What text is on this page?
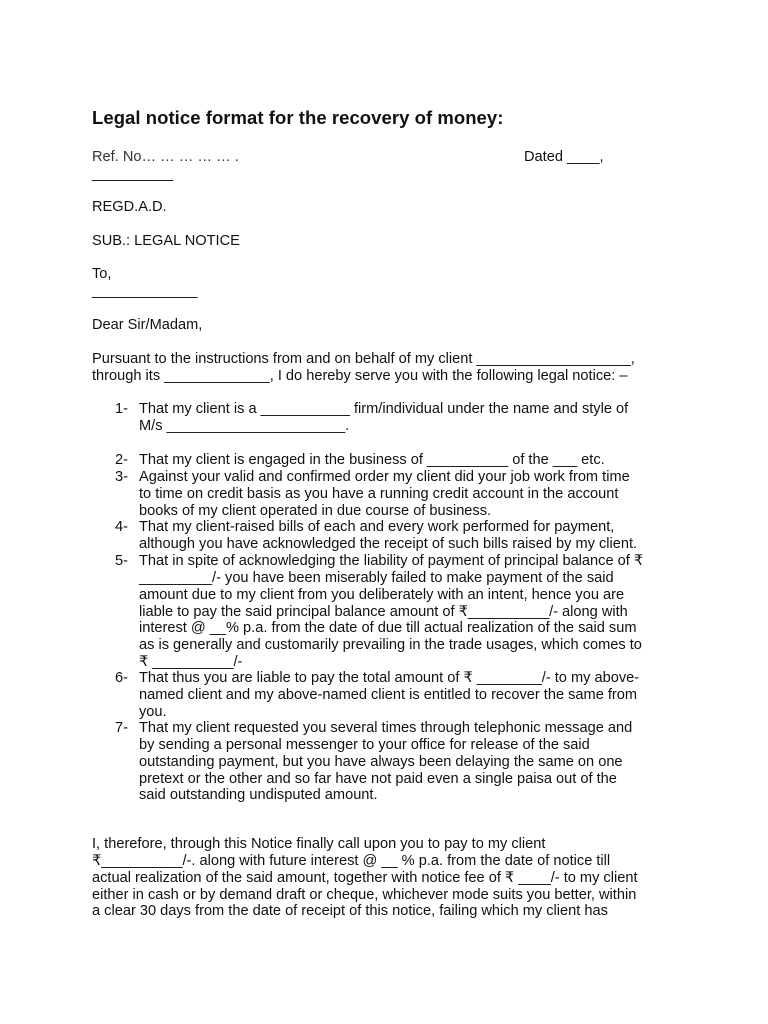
Legal notice format for the recovery of money:
Ref. No… … … … … .	Dated ____,
__________
REGD.A.D.
SUB.: LEGAL NOTICE
To,
_____________
Dear Sir/Madam,

Pursuant to the instructions from and on behalf of my client ___________________,
through its _____________, I do hereby serve you with the following legal notice: –

1- That my client is a ___________ firm/individual under the name and style of
M/s ______________________.
2- That my client is engaged in the business of __________ of the ___ etc.
3- Against your valid and confirmed order my client did your job work from time
to time on credit basis as you have a running credit account in the account
books of my client operated in due course of business.
4- That my client-raised bills of each and every work performed for payment,
although you have acknowledged the receipt of such bills raised by my client.
5- That in spite of acknowledging the liability of payment of principal balance of ₹
_________/- you have been miserably failed to make payment of the said
amount due to my client from you deliberately with an intent, hence you are
liable to pay the said principal balance amount of ₹__________/- along with
interest @ __% p.a. from the date of due till actual realization of the said sum
as is generally and customarily prevailing in the trade usages, which comes to
₹ __________/-
6- That thus you are liable to pay the total amount of ₹ ________/- to my above-
named client and my above-named client is entitled to recover the same from
you.
7- That my client requested you several times through telephonic message and
by sending a personal messenger to your office for release of the said
outstanding payment, but you have always been delaying the same on one
pretext or the other and so far have not paid even a single paisa out of the
said outstanding undisputed amount.

I, therefore, through this Notice finally call upon you to pay to my client
₹__________/-. along with future interest @ __ % p.a. from the date of notice till
actual realization of the said amount, together with notice fee of ₹ ____/- to my client
either in cash or by demand draft or cheque, whichever mode suits you better, within
a clear 30 days from the date of receipt of this notice, failing which my client has
